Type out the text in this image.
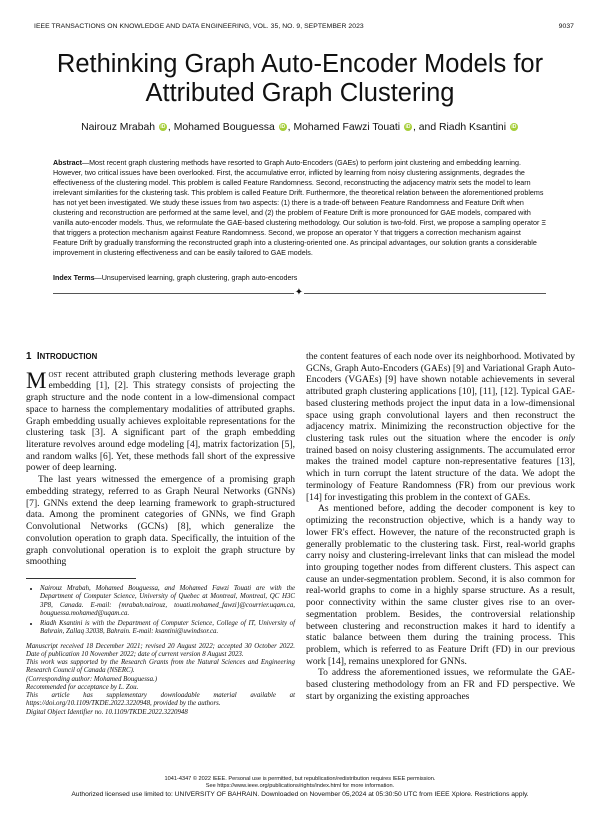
IEEE TRANSACTIONS ON KNOWLEDGE AND DATA ENGINEERING, VOL. 35, NO. 9, SEPTEMBER 2023	9037
Rethinking Graph Auto-Encoder Models for
Attributed Graph Clustering
Nairouz Mrabah iD , Mohamed Bouguessa iD , Mohamed Fawzi Touati iD , and Riadh Ksantini iD
Abstract—Most recent graph clustering methods have resorted to Graph Auto-Encoders (GAEs) to perform joint clustering and embedding learning. However, two critical issues have been overlooked. First, the accumulative error, inflicted by learning from noisy clustering assignments, degrades the effectiveness of the clustering model. This problem is called Feature Randomness. Second, reconstructing the adjacency matrix sets the model to learn irrelevant similarities for the clustering task. This problem is called Feature Drift. Furthermore, the theoretical relation between the aforementioned problems has not yet been investigated. We study these issues from two aspects: (1) there is a trade-off between Feature Randomness and Feature Drift when clustering and reconstruction are performed at the same level, and (2) the problem of Feature Drift is more pronounced for GAE models, compared with vanilla auto-encoder models. Thus, we reformulate the GAE-based clustering methodology. Our solution is two-fold. First, we propose a sampling operator Ξ that triggers a protection mechanism against Feature Randomness. Second, we propose an operator Υ that triggers a correction mechanism against Feature Drift by gradually transforming the reconstructed graph into a clustering-oriented one. As principal advantages, our solution grants a considerable improvement in clustering effectiveness and can be easily tailored to GAE models.
Index Terms—Unsupervised learning, graph clustering, graph auto-encoders
✦
1 INTRODUCTION

Most recent attributed graph clustering methods leverage graph embedding [1], [2]. This strategy consists of projecting the graph structure and the node content in a low-dimensional compact space to harness the complementary modalities of attributed graphs. Graph embedding usually achieves exploitable representations for the clustering task [3]. A significant part of the graph embedding literature revolves around edge modeling [4], matrix factorization [5], and random walks [6]. Yet, these methods fall short of the expressive power of deep learning.

The last years witnessed the emergence of a promising graph embedding strategy, referred to as Graph Neural Networks (GNNs) [7]. GNNs extend the deep learning framework to graph-structured data. Among the prominent categories of GNNs, we find Graph Convolutional Networks (GCNs) [8], which generalize the convolution operation to graph data. Specifically, the intuition of the graph convolutional operation is to exploit the graph structure by smoothing

• Nairouz Mrabah, Mohamed Bouguessa, and Mohamed Fawzi Touati are with the Department of Computer Science, University of Quebec at Montreal, Montreal, QC H3C 3P8, Canada. E-mail: {mrabah.nairouz, touati.mohamed_fawzi}@courrier.uqam.ca, bouguessa.mohamed@uqam.ca.
• Riadh Ksantini is with the Department of Computer Science, College of IT, University of Bahrain, Zallaq 32038, Bahrain. E-mail: ksantini@uwindsor.ca.

Manuscript received 18 December 2021; revised 20 August 2022; accepted 30 October 2022. Date of publication 10 November 2022; date of current version 8 August 2023.

This work was supported by the Research Grants from the Natural Sciences and Engineering Research Council of Canada (NSERC).

(Corresponding author: Mohamed Bouguessa.)

Recommended for acceptance by L. Zou.

This article has supplementary downloadable material available at https://doi.org/10.1109/TKDE.2022.3220948, provided by the authors.

Digital Object Identifier no. 10.1109/TKDE.2022.3220948

the content features of each node over its neighborhood. Motivated by GCNs, Graph Auto-Encoders (GAEs) [9] and Variational Graph Auto-Encoders (VGAEs) [9] have shown notable achievements in several attributed graph clustering applications [10], [11], [12]. Typical GAE-based clustering methods project the input data in a low-dimensional space using graph convolutional layers and then reconstruct the adjacency matrix. Minimizing the reconstruction objective for the clustering task rules out the situation where the encoder is only trained based on noisy clustering assignments. The accumulated error makes the trained model capture non-representative features [13], which in turn corrupt the latent structure of the data. We adopt the terminology of Feature Randomness (FR) from our previous work [14] for investigating this problem in the context of GAEs.

As mentioned before, adding the decoder component is key to optimizing the reconstruction objective, which is a handy way to lower FR's effect. However, the nature of the reconstructed graph is generally problematic to the clustering task. First, real-world graphs carry noisy and clustering-irrelevant links that can mislead the model into grouping together nodes from different clusters. This aspect can cause an under-segmentation problem. Second, it is also common for real-world graphs to come in a highly sparse structure. As a result, poor connectivity within the same cluster gives rise to an over-segmentation problem. Besides, the controversial relationship between clustering and reconstruction makes it hard to identify a static balance between them during the training process. This problem, which is referred to as Feature Drift (FD) in our previous work [14], remains unexplored for GNNs.

To address the aforementioned issues, we reformulate the GAE-based clustering methodology from an FR and FD perspective. We start by organizing the existing approaches

1041-4347 © 2022 IEEE. Personal use is permitted, but republication/redistribution requires IEEE permission.
See https://www.ieee.org/publications/rights/index.html for more information.
Authorized licensed use limited to: UNIVERSITY OF BAHRAIN. Downloaded on November 05,2024 at 05:30:50 UTC from IEEE Xplore. Restrictions apply.
